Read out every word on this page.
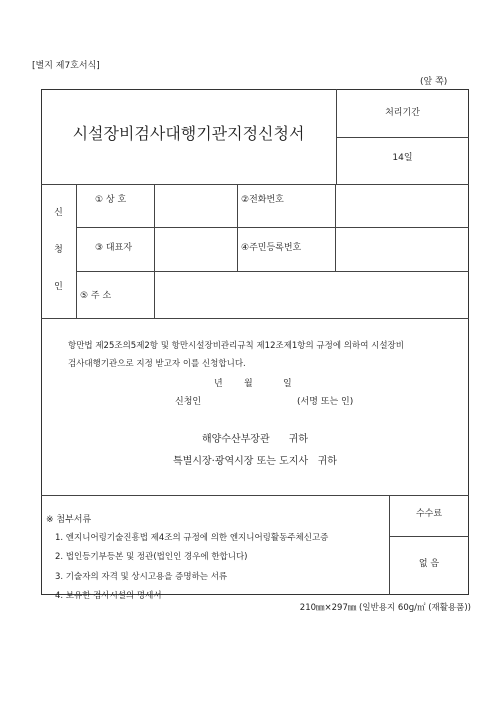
[별지 제7호서식]
(앞 쪽)
시설장비검사대행기관지정신청서
처리기간
14일
신
청
인
① 상 호	②전화번호
③ 대표자	④주민등록번호
⑤ 주 소
항만법 제25조의5제2항 및 항만시설장비관리규칙 제12조제1항의 규정에 의하여 시설장비
검사대행기관으로 지정 받고자 이를 신청합니다.
년 월	일
신청인	(서명 또는 인)
해양수산부장관      귀하
특별시장·광역시장 또는 도지사   귀하
※ 첨부서류
1. 엔지니어링기술진흥법 제4조의 규정에 의한 엔지니어링활동주체신고증
2. 법인등기부등본 및 정관(법인인 경우에 한합니다)
3. 기술자의 자격 및 상시고용을 증명하는 서류
4. 보유한 검사시설의 명세서
수수료
없 음
210㎜×297㎜ (일반용지 60g/㎡ (재활용품))
